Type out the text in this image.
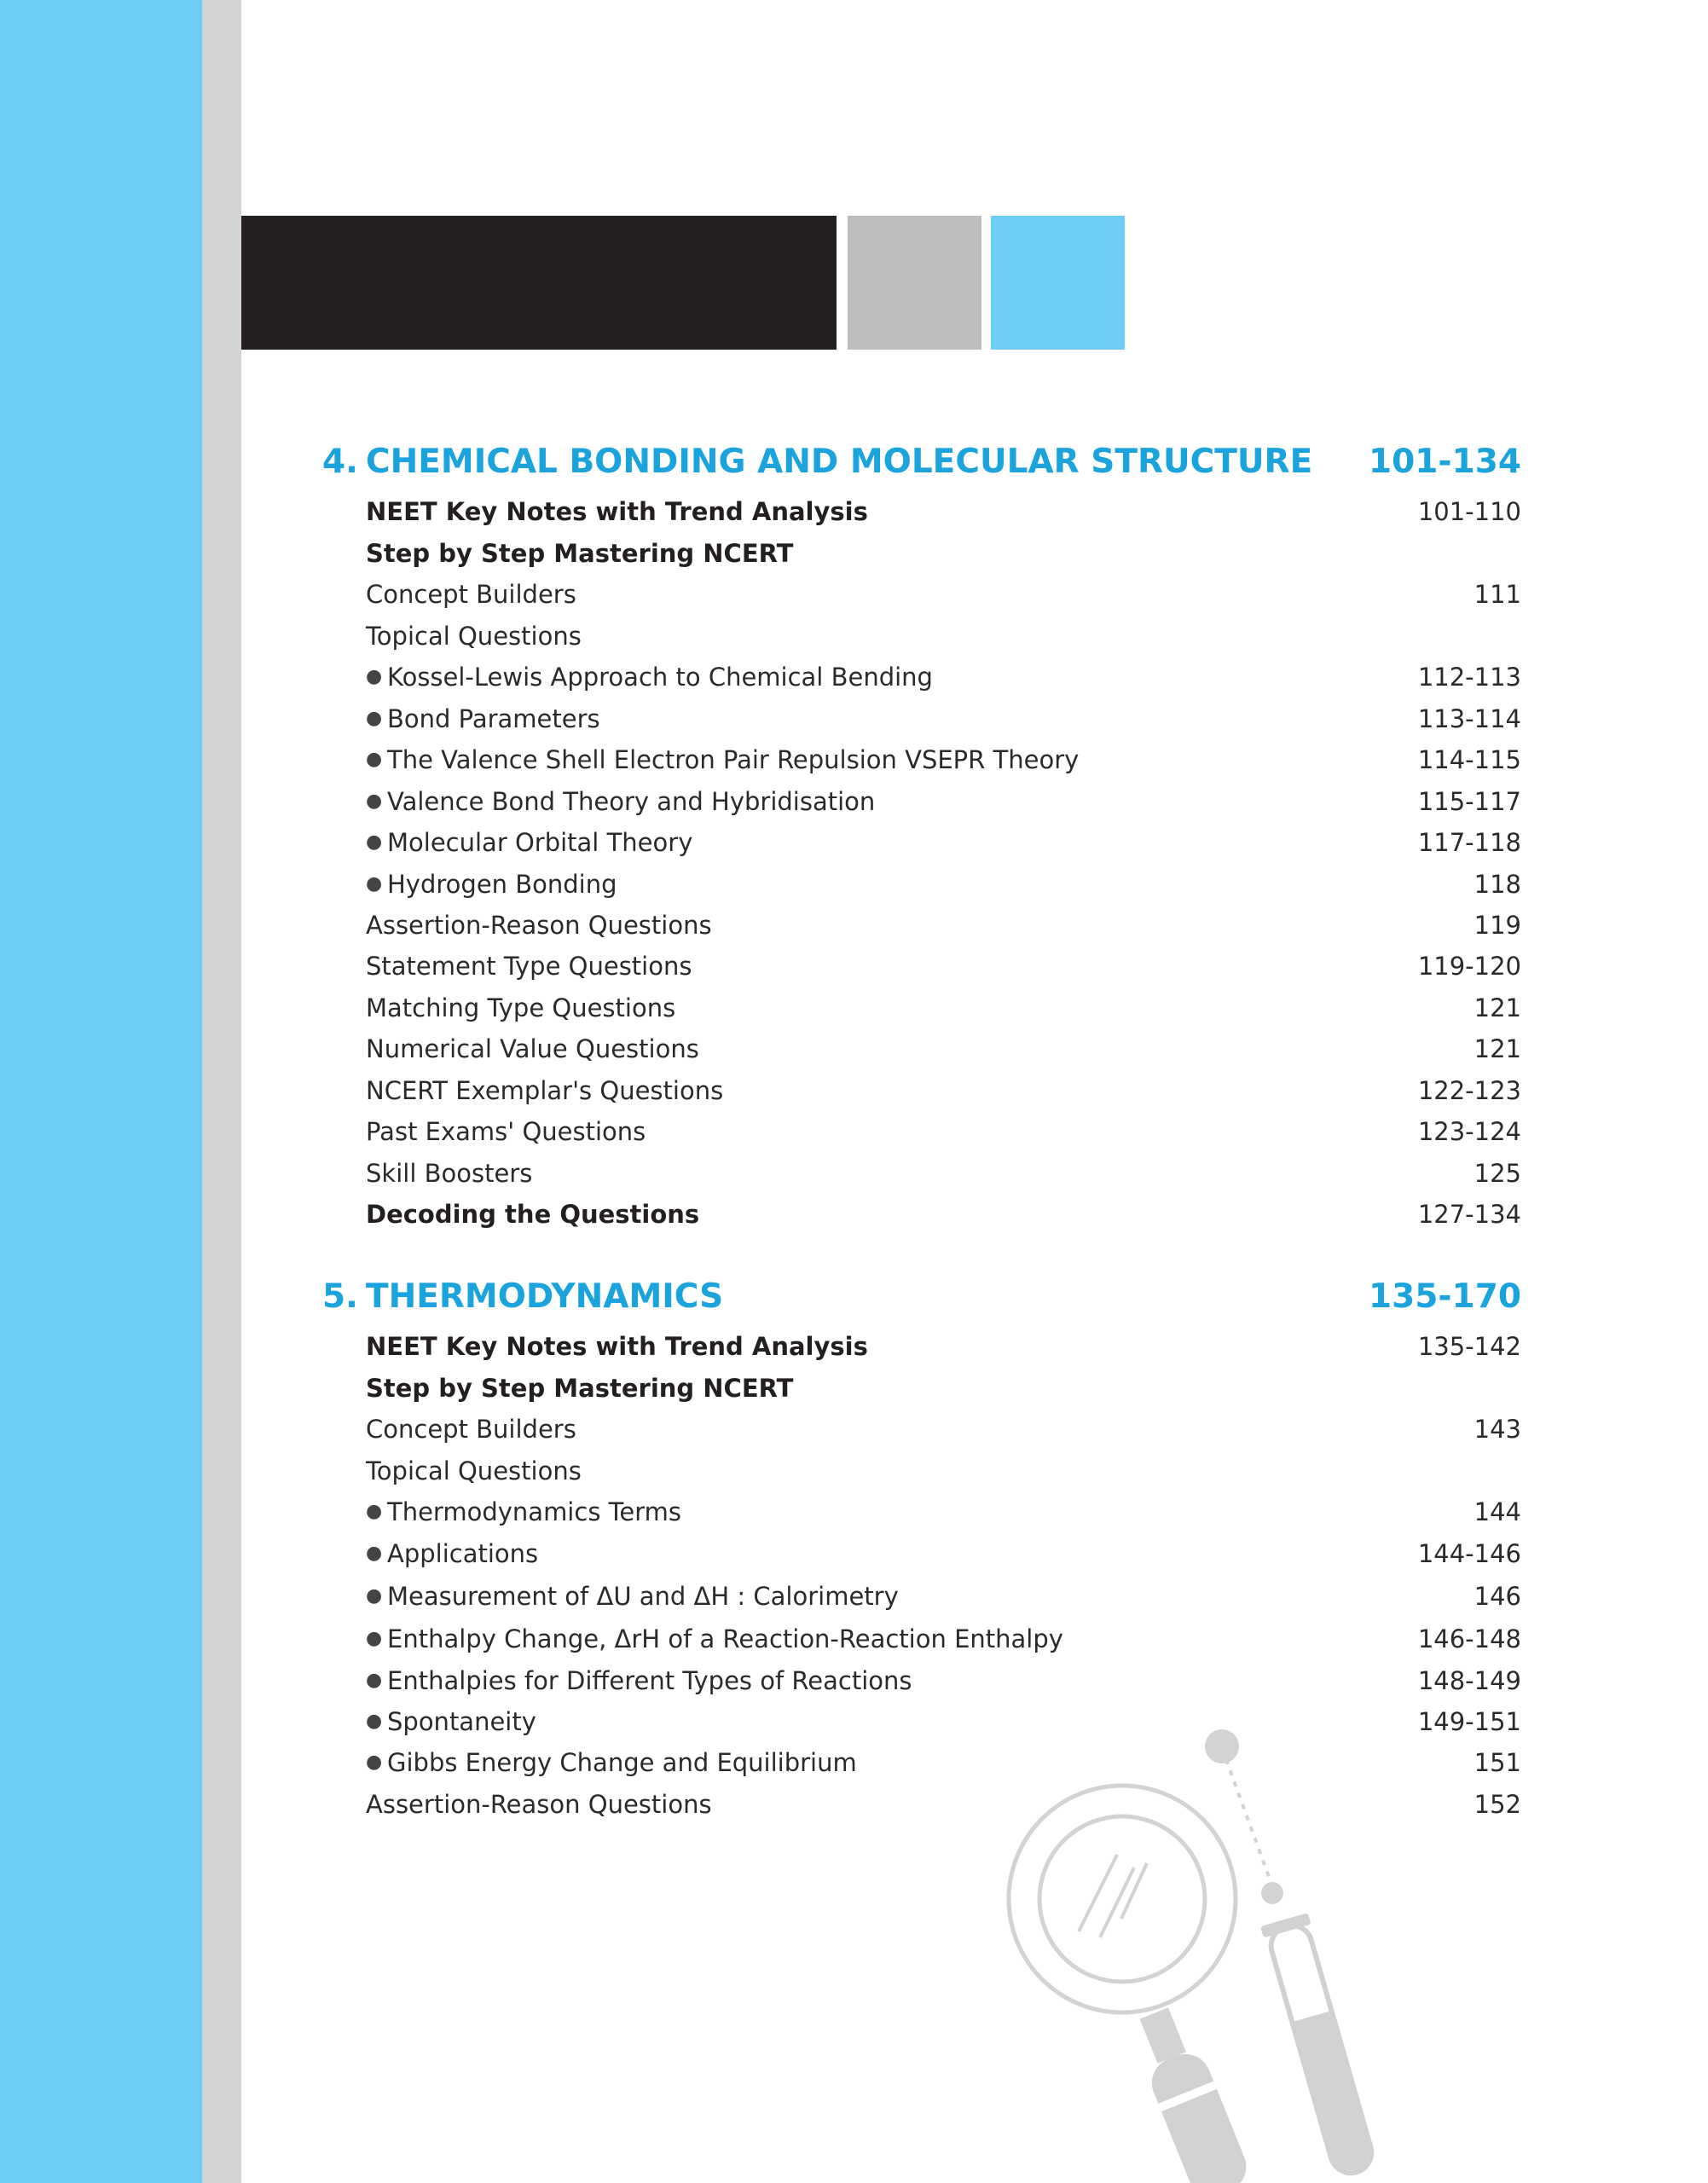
4. CHEMICAL BONDING AND MOLECULAR STRUCTURE 101-134
NEET Key Notes with Trend Analysis	101-110
Step by Step Mastering NCERT
Concept Builders	111
Topical Questions
● Kossel-Lewis Approach to Chemical Bending	112-113
● Bond Parameters	113-114
● The Valence Shell Electron Pair Repulsion VSEPR Theory	114-115
● Valence Bond Theory and Hybridisation	115-117
● Molecular Orbital Theory	117-118
● Hydrogen Bonding	118
Assertion-Reason Questions	119
Statement Type Questions	119-120
Matching Type Questions	121
Numerical Value Questions	121
NCERT Exemplar's Questions	122-123
Past Exams' Questions	123-124
Skill Boosters	125
Decoding the Questions	127-134
5. THERMODYNAMICS	135-170
NEET Key Notes with Trend Analysis	135-142
Step by Step Mastering NCERT
Concept Builders	143
Topical Questions
● Thermodynamics Terms	144
● Applications	144-146
● Measurement of ΔU and ΔH : Calorimetry	146
● Enthalpy Change, ΔrH of a Reaction-Reaction Enthalpy	146-148
● Enthalpies for Different Types of Reactions	148-149
● Spontaneity	149-151
● Gibbs Energy Change and Equilibrium	151
Assertion-Reason Questions	152
